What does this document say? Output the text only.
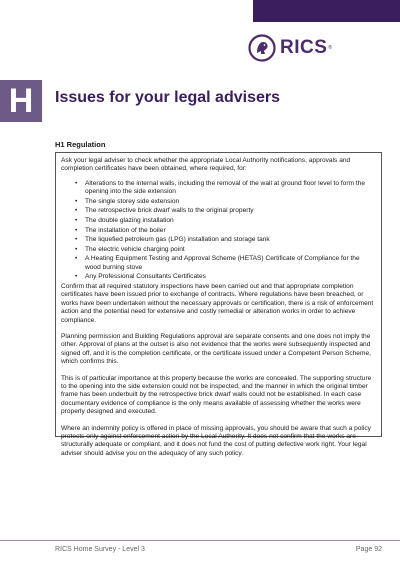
RICS ®
H Issues for your legal advisers
H1 Regulation

Ask your legal adviser to check whether the appropriate Local Authority notifications, approvals and completion certificates have been obtained, where required, for:

• Alterations to the internal walls, including the removal of the wall at ground floor level to form the opening into the side extension
• The single storey side extension
• The retrospective brick dwarf walls to the original property
• The double glazing installation
• The installation of the boiler
• The liquefied petroleum gas (LPG) installation and storage tank
• The electric vehicle charging point
• A Heating Equipment Testing and Approval Scheme (HETAS) Certificate of Compliance for the wood burning stove
• Any Professional Consultants Certificates

Confirm that all required statutory inspections have been carried out and that appropriate completion certificates have been issued prior to exchange of contracts. Where regulations have been breached, or works have been undertaken without the necessary approvals or certification, there is a risk of enforcement action and the potential need for extensive and costly remedial or alteration works in order to achieve compliance.

Planning permission and Building Regulations approval are separate consents and one does not imply the other. Approval of plans at the outset is also not evidence that the works were subsequently inspected and signed off, and it is the completion certificate, or the certificate issued under a Competent Person Scheme, which confirms this.

This is of particular importance at this property because the works are concealed. The supporting structure to the opening into the side extension could not be inspected, and the manner in which the original timber frame has been underbuilt by the retrospective brick dwarf walls could not be established. In each case documentary evidence of compliance is the only means available of assessing whether the works were properly designed and executed.

Where an indemnity policy is offered in place of missing approvals, you should be aware that such a policy protects only against enforcement action by the Local Authority. It does not confirm that the works are structurally adequate or compliant, and it does not fund the cost of putting defective work right. Your legal adviser should advise you on the adequacy of any such policy.

RICS Home Survey - Level 3	Page 92
